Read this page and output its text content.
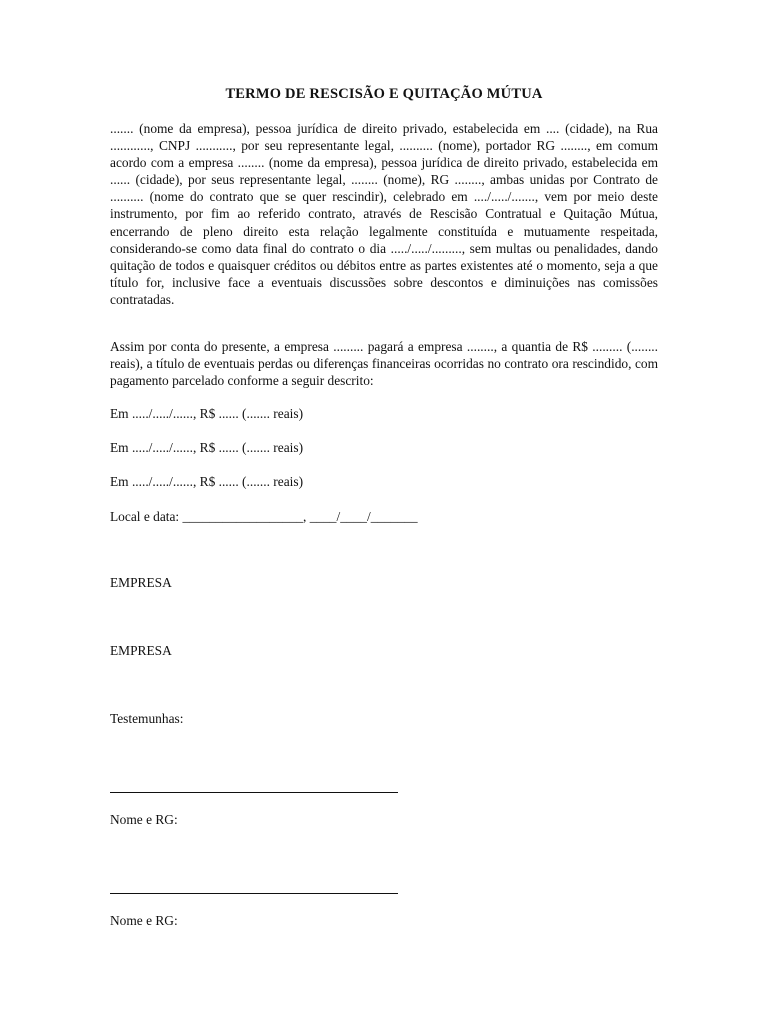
TERMO DE RESCISÃO E QUITAÇÃO MÚTUA
....... (nome da empresa), pessoa jurídica de direito privado, estabelecida em .... (cidade), na Rua ............, CNPJ ..........., por seu representante legal, .......... (nome), portador RG ........, em comum acordo com a empresa ........ (nome da empresa), pessoa jurídica de direito privado, estabelecida em ...... (cidade), por seus representante legal, ........ (nome), RG ........, ambas unidas por Contrato de .......... (nome do contrato que se quer rescindir), celebrado em ..../...../......., vem por meio deste instrumento, por fim ao referido contrato, através de Rescisão Contratual e Quitação Mútua, encerrando de pleno direito esta relação legalmente constituída e mutuamente respeitada, considerando-se como data final do contrato o dia ...../...../........., sem multas ou penalidades, dando quitação de todos e quaisquer créditos ou débitos entre as partes existentes até o momento, seja a que título for, inclusive face a eventuais discussões sobre descontos e diminuições nas comissões contratadas.
Assim por conta do presente, a empresa ......... pagará a empresa ........, a quantia de R$ ......... (........ reais), a título de eventuais perdas ou diferenças financeiras ocorridas no contrato ora rescindido, com pagamento parcelado conforme a seguir descrito:
Em ...../...../......, R$ ...... (....... reais)
Em ...../...../......, R$ ...... (....... reais)
Em ...../...../......, R$ ...... (....... reais)
Local e data: __________________, ____/____/_______
EMPRESA
EMPRESA
Testemunhas:
Nome e RG:
Nome e RG:
